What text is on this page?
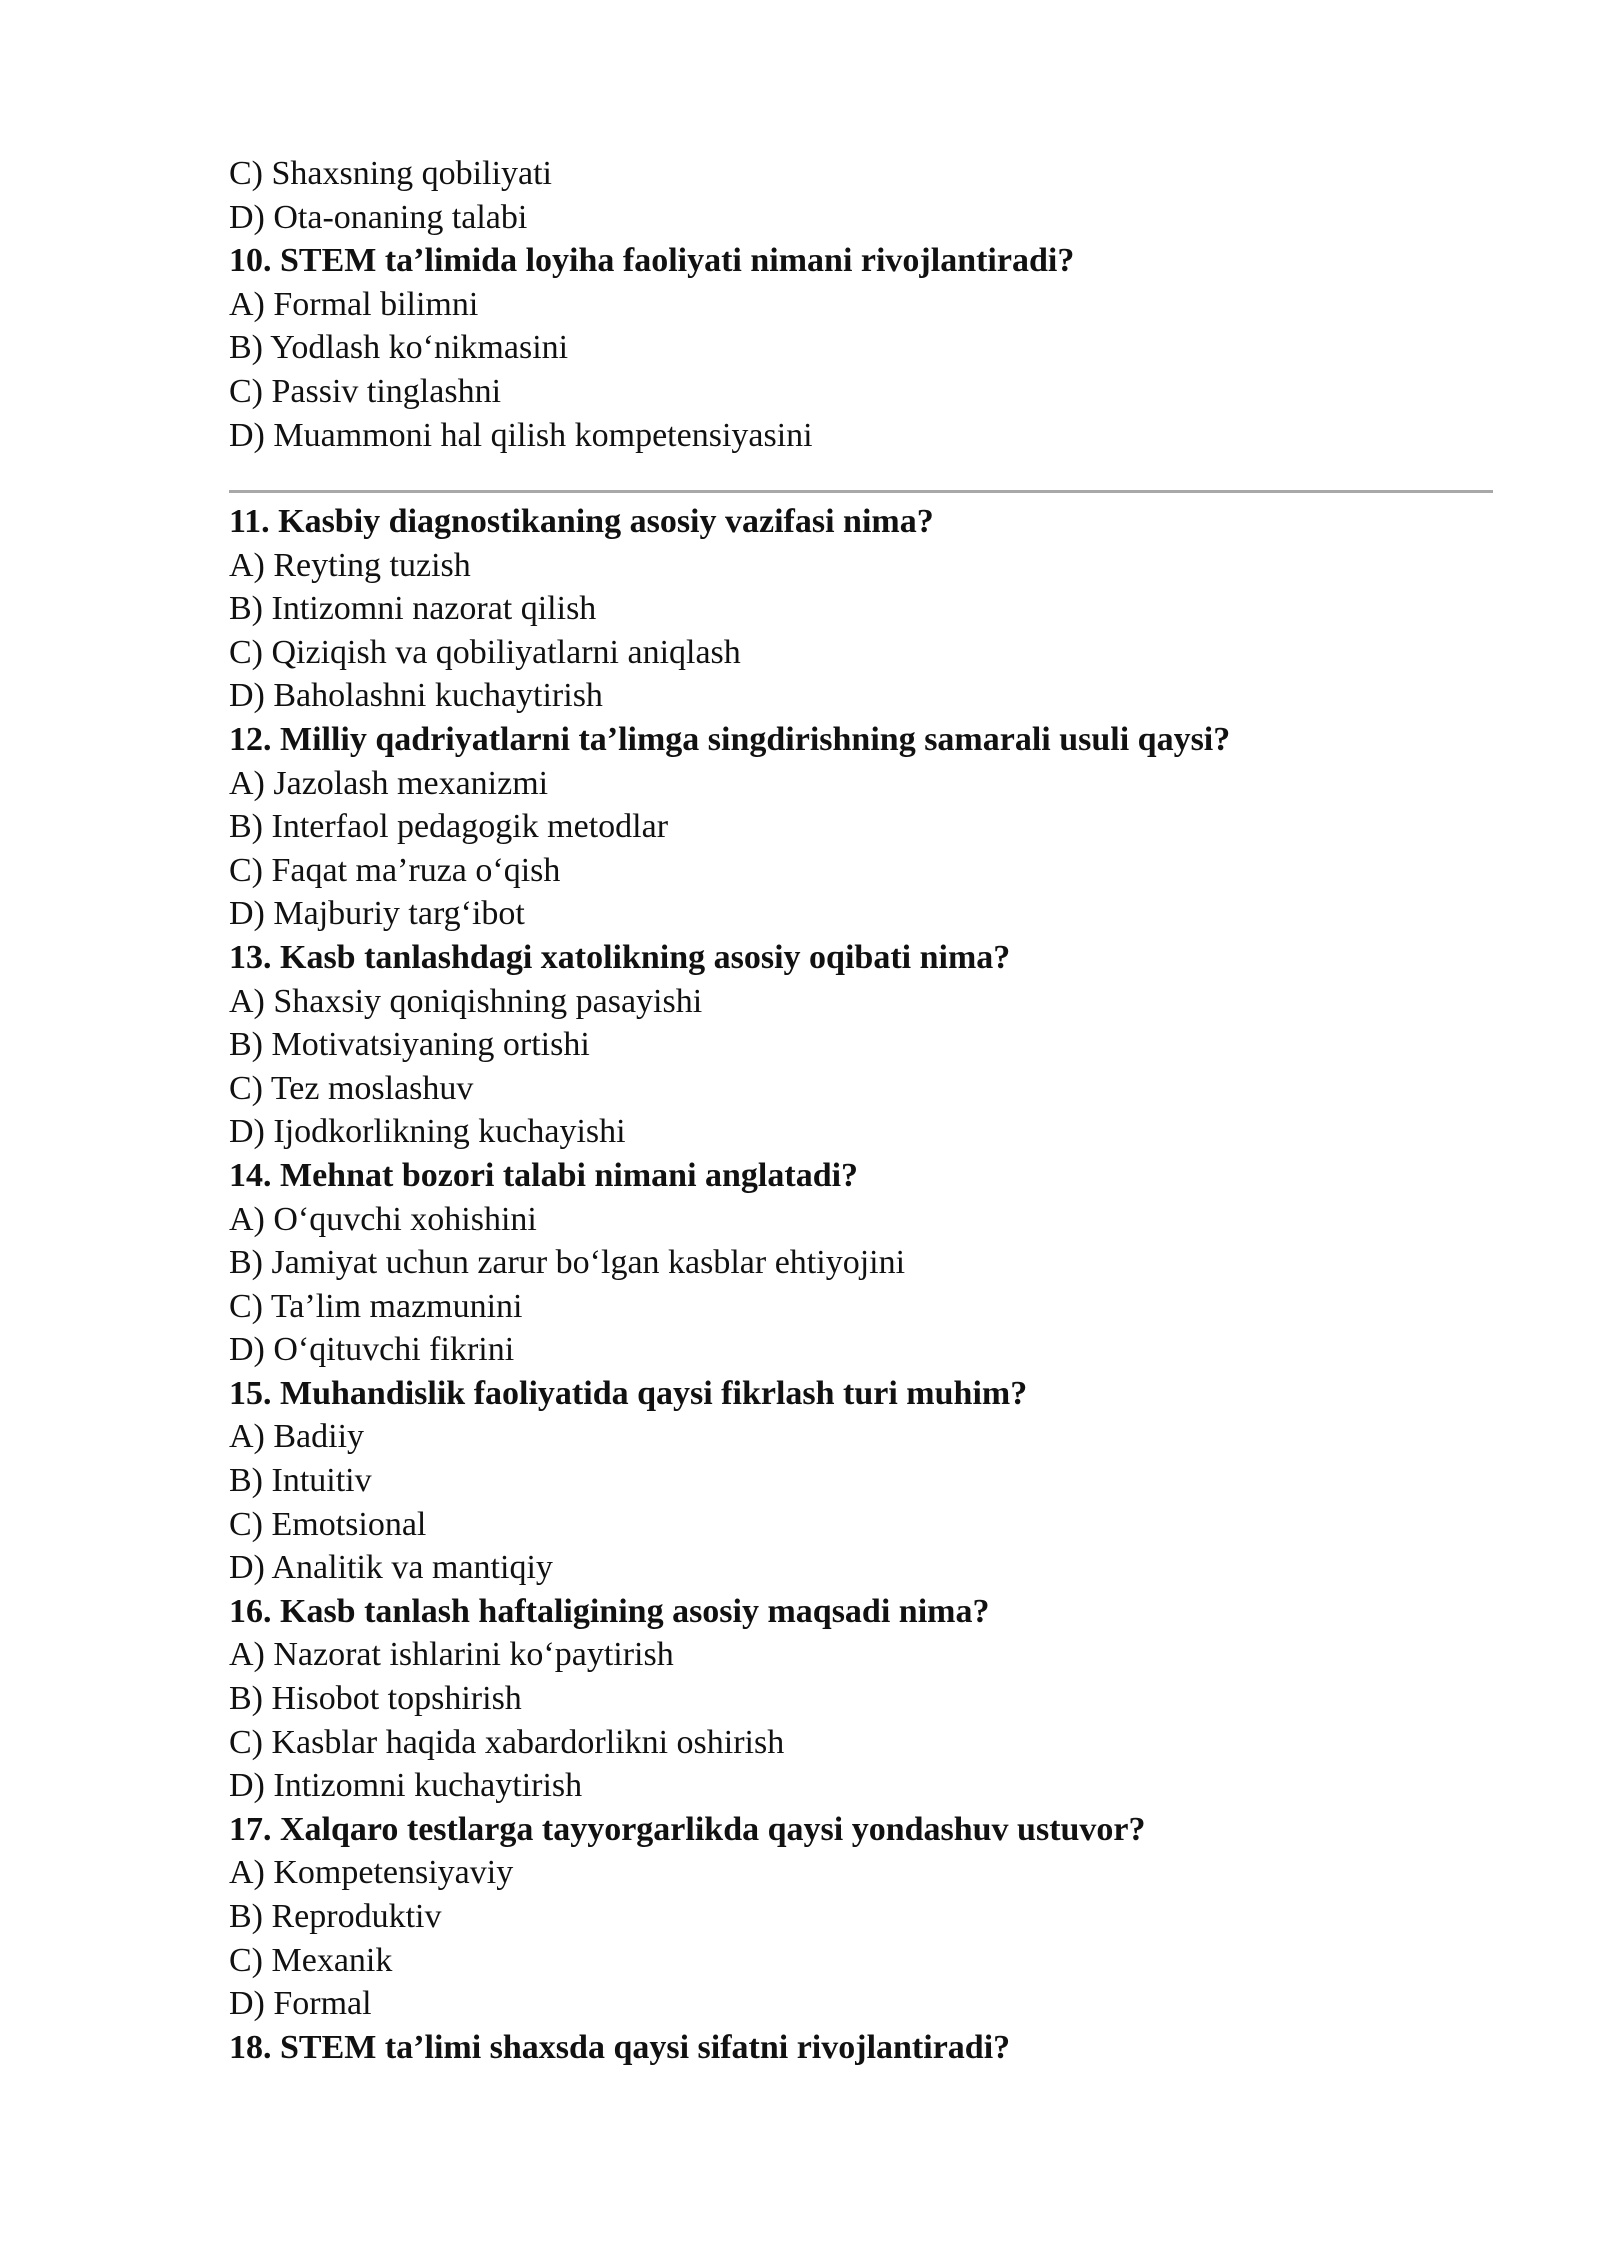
C) Shaxsning qobiliyati
D) Ota-onaning talabi
10. STEM ta’limida loyiha faoliyati nimani rivojlantiradi?
A) Formal bilimni
B) Yodlash ko‘nikmasini
C) Passiv tinglashni
D) Muammoni hal qilish kompetensiyasini
11. Kasbiy diagnostikaning asosiy vazifasi nima?
A) Reyting tuzish
B) Intizomni nazorat qilish
C) Qiziqish va qobiliyatlarni aniqlash
D) Baholashni kuchaytirish
12. Milliy qadriyatlarni ta’limga singdirishning samarali usuli qaysi?
A) Jazolash mexanizmi
B) Interfaol pedagogik metodlar
C) Faqat ma’ruza o‘qish
D) Majburiy targ‘ibot
13. Kasb tanlashdagi xatolikning asosiy oqibati nima?
A) Shaxsiy qoniqishning pasayishi
B) Motivatsiyaning ortishi
C) Tez moslashuv
D) Ijodkorlikning kuchayishi
14. Mehnat bozori talabi nimani anglatadi?
A) O‘quvchi xohishini
B) Jamiyat uchun zarur bo‘lgan kasblar ehtiyojini
C) Ta’lim mazmunini
D) O‘qituvchi fikrini
15. Muhandislik faoliyatida qaysi fikrlash turi muhim?
A) Badiiy
B) Intuitiv
C) Emotsional
D) Analitik va mantiqiy
16. Kasb tanlash haftaligining asosiy maqsadi nima?
A) Nazorat ishlarini ko‘paytirish
B) Hisobot topshirish
C) Kasblar haqida xabardorlikni oshirish
D) Intizomni kuchaytirish
17. Xalqaro testlarga tayyorgarlikda qaysi yondashuv ustuvor?
A) Kompetensiyaviy
B) Reproduktiv
C) Mexanik
D) Formal
18. STEM ta’limi shaxsda qaysi sifatni rivojlantiradi?
